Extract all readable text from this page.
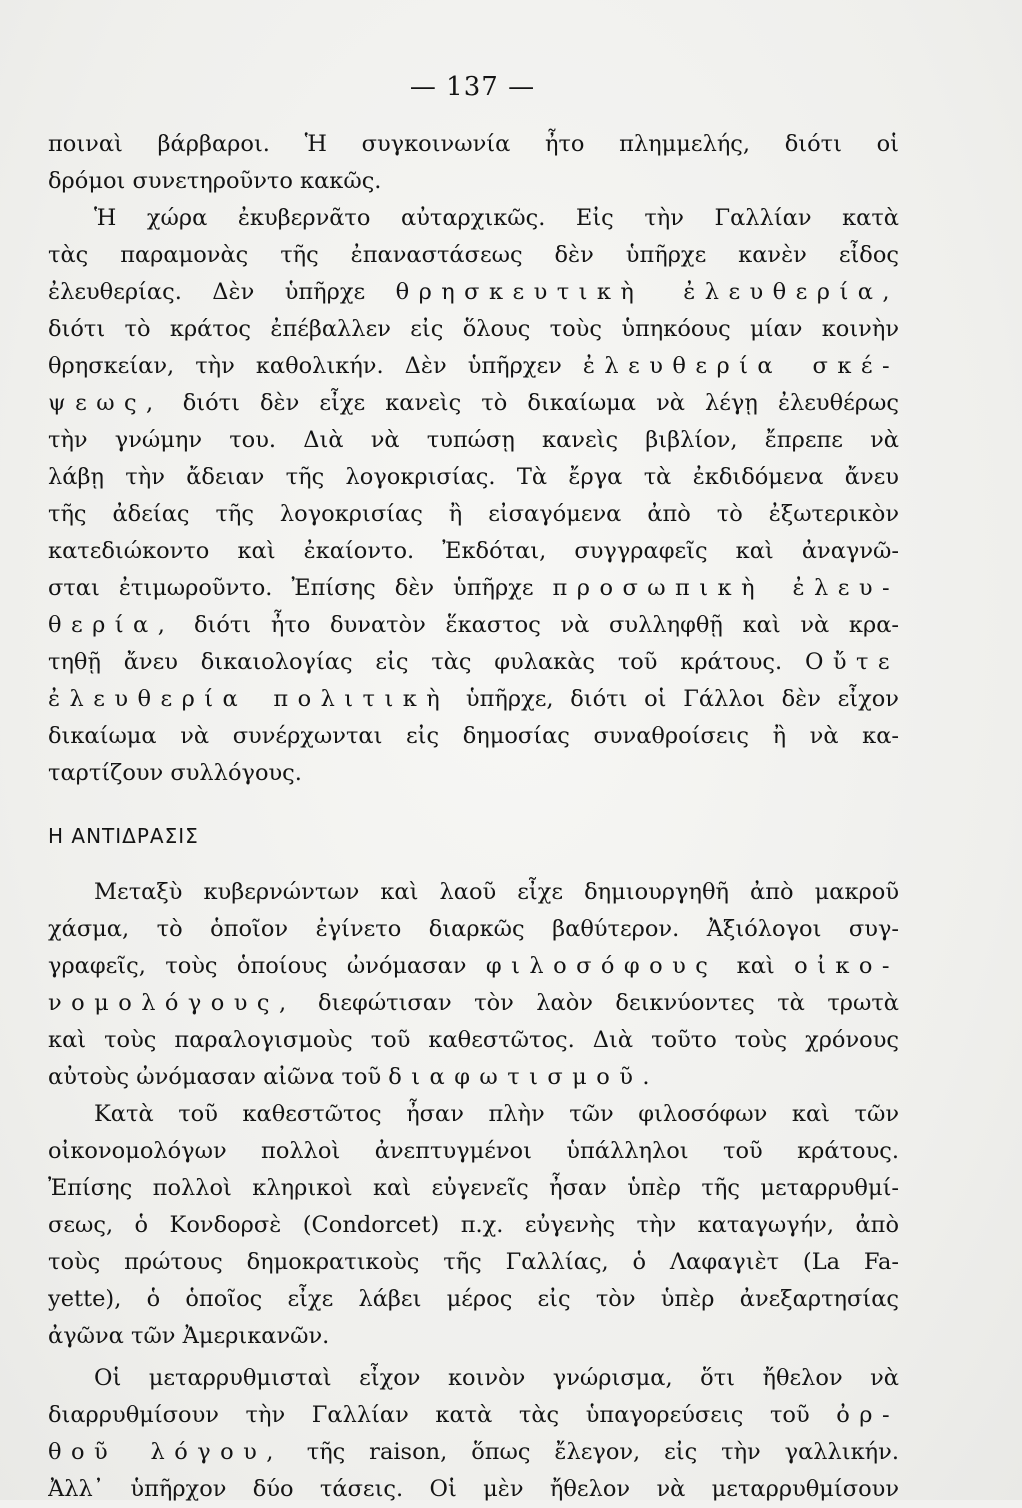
— 137 —
ποιναὶ βάρβαροι. Ἡ συγκοινωνία ἦτο πλημμελής, διότι οἱ
δρόμοι συνετηροῦντο κακῶς.
Ἡ χώρα ἐκυβερνᾶτο αὐταρχικῶς. Εἰς τὴν Γαλλίαν κατὰ
τὰς παραμονὰς τῆς ἐπαναστάσεως δὲν ὑπῆρχε κανὲν εἶδος
ἐλευθερίας. Δὲν ὑπῆρχε θρησκευτικὴ ἐλευθερία,
διότι τὸ κράτος ἐπέβαλλεν εἰς ὅλους τοὺς ὑπηκόους μίαν κοινὴν
θρησκείαν, τὴν καθολικήν. Δὲν ὑπῆρχεν ἐλευθερία σκέ-
ψεως, διότι δὲν εἶχε κανεὶς τὸ δικαίωμα νὰ λέγῃ ἐλευθέρως
τὴν γνώμην του. Διὰ νὰ τυπώσῃ κανεὶς βιβλίον, ἔπρεπε νὰ
λάβῃ τὴν ἄδειαν τῆς λογοκρισίας. Τὰ ἔργα τὰ ἐκδιδόμενα ἄνευ
τῆς ἀδείας τῆς λογοκρισίας ἢ εἰσαγόμενα ἀπὸ τὸ ἐξωτερικὸν
κατεδιώκοντο καὶ ἐκαίοντο. Ἐκδόται, συγγραφεῖς καὶ ἀναγνῶ-
σται ἐτιμωροῦντο. Ἐπίσης δὲν ὑπῆρχε προσωπικὴ ἐλευ-
θερία, διότι ἦτο δυνατὸν ἕκαστος νὰ συλληφθῇ καὶ νὰ κρα-
τηθῇ ἄνευ δικαιολογίας εἰς τὰς φυλακὰς τοῦ κράτους. Οὔτε
ἐλευθερία πολιτικὴ ὑπῆρχε, διότι οἱ Γάλλοι δὲν εἶχον
δικαίωμα νὰ συνέρχωνται εἰς δημοσίας συναθροίσεις ἢ νὰ κα-
ταρτίζουν συλλόγους.
Η ΑΝΤΙΔΡΑΣΙΣ
Μεταξὺ κυβερνώντων καὶ λαοῦ εἶχε δημιουργηθῆ ἀπὸ μακροῦ
χάσμα, τὸ ὁποῖον ἐγίνετο διαρκῶς βαθύτερον. Ἀξιόλογοι συγ-
γραφεῖς, τοὺς ὁποίους ὠνόμασαν φιλοσόφους καὶ οἰκο-
νομολόγους, διεφώτισαν τὸν λαὸν δεικνύοντες τὰ τρωτὰ
καὶ τοὺς παραλογισμοὺς τοῦ καθεστῶτος. Διὰ τοῦτο τοὺς χρόνους
αὐτοὺς ὠνόμασαν αἰῶνα τοῦ διαφωτισμοῦ.
Κατὰ τοῦ καθεστῶτος ἦσαν πλὴν τῶν φιλοσόφων καὶ τῶν
οἰκονομολόγων πολλοὶ ἀνεπτυγμένοι ὑπάλληλοι τοῦ κράτους.
Ἐπίσης πολλοὶ κληρικοὶ καὶ εὐγενεῖς ἦσαν ὑπὲρ τῆς μεταρρυθμί-
σεως, ὁ Κονδορσὲ (Condorcet) π.χ. εὐγενὴς τὴν καταγωγήν, ἀπὸ
τοὺς πρώτους δημοκρατικοὺς τῆς Γαλλίας, ὁ Λαφαγιὲτ (La Fa-
yette), ὁ ὁποῖος εἶχε λάβει μέρος εἰς τὸν ὑπὲρ ἀνεξαρτησίας
ἀγῶνα τῶν Ἀμερικανῶν.
Οἱ μεταρρυθμισταὶ εἶχον κοινὸν γνώρισμα, ὅτι ἤθελον νὰ
διαρρυθμίσουν τὴν Γαλλίαν κατὰ τὰς ὑπαγορεύσεις τοῦ ὀρ-
θοῦ λόγου, τῆς raison, ὅπως ἔλεγον, εἰς τὴν γαλλικήν.
Ἀλλ᾿ ὑπῆρχον δύο τάσεις. Οἱ μὲν ἤθελον νὰ μεταρρυθμίσουν
